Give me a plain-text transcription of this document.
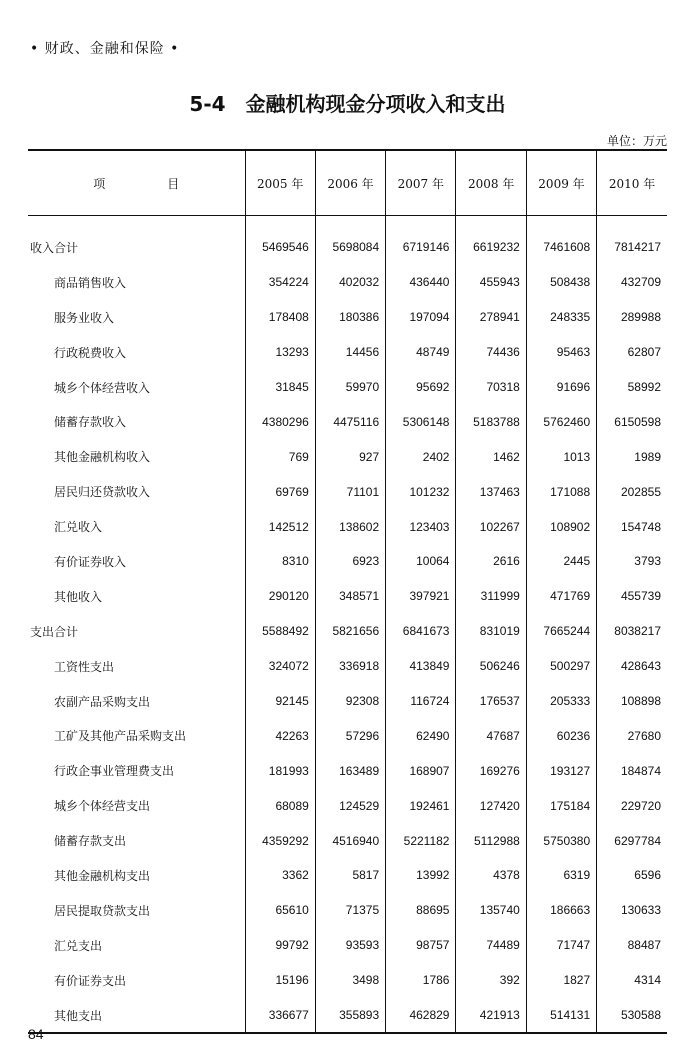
• 财政、金融和保险 •
5-4 金融机构现金分项收入和支出
单位：万元
项 目	2005 年	2006 年	2007 年	2008 年	2009 年	2010 年
收入合计	5469546	5698084	6719146	6619232	7461608	7814217
商品销售收入	354224	402032	436440	455943	508438	432709
服务业收入	178408	180386	197094	278941	248335	289988
行政税费收入	13293	14456	48749	74436	95463	62807
城乡个体经营收入	31845	59970	95692	70318	91696	58992
储蓄存款收入	4380296	4475116	5306148	5183788	5762460	6150598
其他金融机构收入	769	927	2402	1462	1013	1989
居民归还贷款收入	69769	71101	101232	137463	171088	202855
汇兑收入	142512	138602	123403	102267	108902	154748
有价证券收入	8310	6923	10064	2616	2445	3793
其他收入	290120	348571	397921	311999	471769	455739
支出合计	5588492	5821656	6841673	831019	7665244	8038217
工资性支出	324072	336918	413849	506246	500297	428643
农副产品采购支出	92145	92308	116724	176537	205333	108898
工矿及其他产品采购支出	42263	57296	62490	47687	60236	27680
行政企事业管理费支出	181993	163489	168907	169276	193127	184874
城乡个体经营支出	68089	124529	192461	127420	175184	229720
储蓄存款支出	4359292	4516940	5221182	5112988	5750380	6297784
其他金融机构支出	3362	5817	13992	4378	6319	6596
居民提取贷款支出	65610	71375	88695	135740	186663	130633
汇兑支出	99792	93593	98757	74489	71747	88487
有价证券支出	15196	3498	1786	392	1827	4314
其他支出	336677	355893	462829	421913	514131	530588
84
